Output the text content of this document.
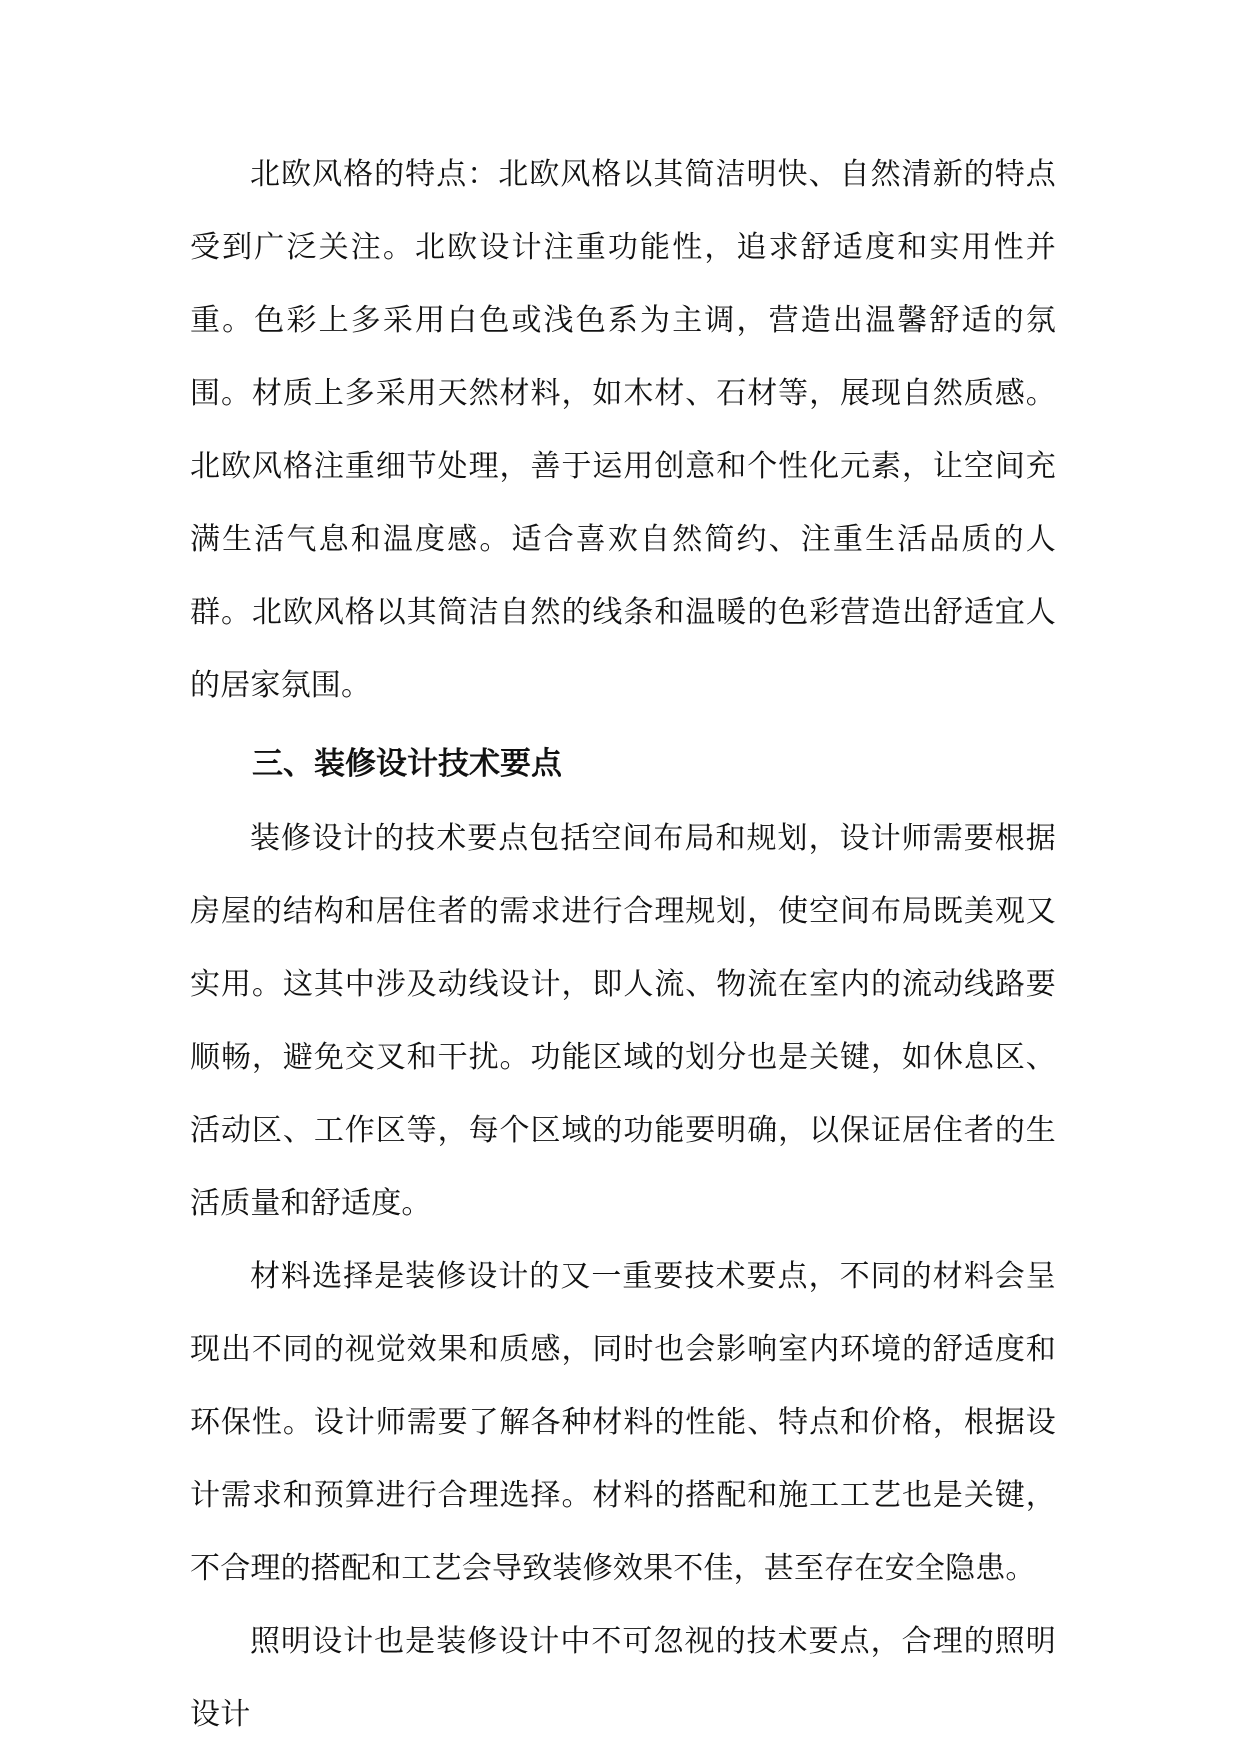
北欧风格的特点：北欧风格以其简洁明快、自然清新的特点受到广泛关注。北欧设计注重功能性，追求舒适度和实用性并重。色彩上多采用白色或浅色系为主调，营造出温馨舒适的氛围。材质上多采用天然材料，如木材、石材等，展现自然质感。北欧风格注重细节处理，善于运用创意和个性化元素，让空间充满生活气息和温度感。适合喜欢自然简约、注重生活品质的人群。北欧风格以其简洁自然的线条和温暖的色彩营造出舒适宜人的居家氛围。

三、装修设计技术要点

装修设计的技术要点包括空间布局和规划，设计师需要根据房屋的结构和居住者的需求进行合理规划，使空间布局既美观又实用。这其中涉及动线设计，即人流、物流在室内的流动线路要顺畅，避免交叉和干扰。功能区域的划分也是关键，如休息区、活动区、工作区等，每个区域的功能要明确，以保证居住者的生活质量和舒适度。

材料选择是装修设计的又一重要技术要点，不同的材料会呈现出不同的视觉效果和质感，同时也会影响室内环境的舒适度和环保性。设计师需要了解各种材料的性能、特点和价格，根据设计需求和预算进行合理选择。材料的搭配和施工工艺也是关键，不合理的搭配和工艺会导致装修效果不佳，甚至存在安全隐患。

照明设计也是装修设计中不可忽视的技术要点，合理的照明设计
